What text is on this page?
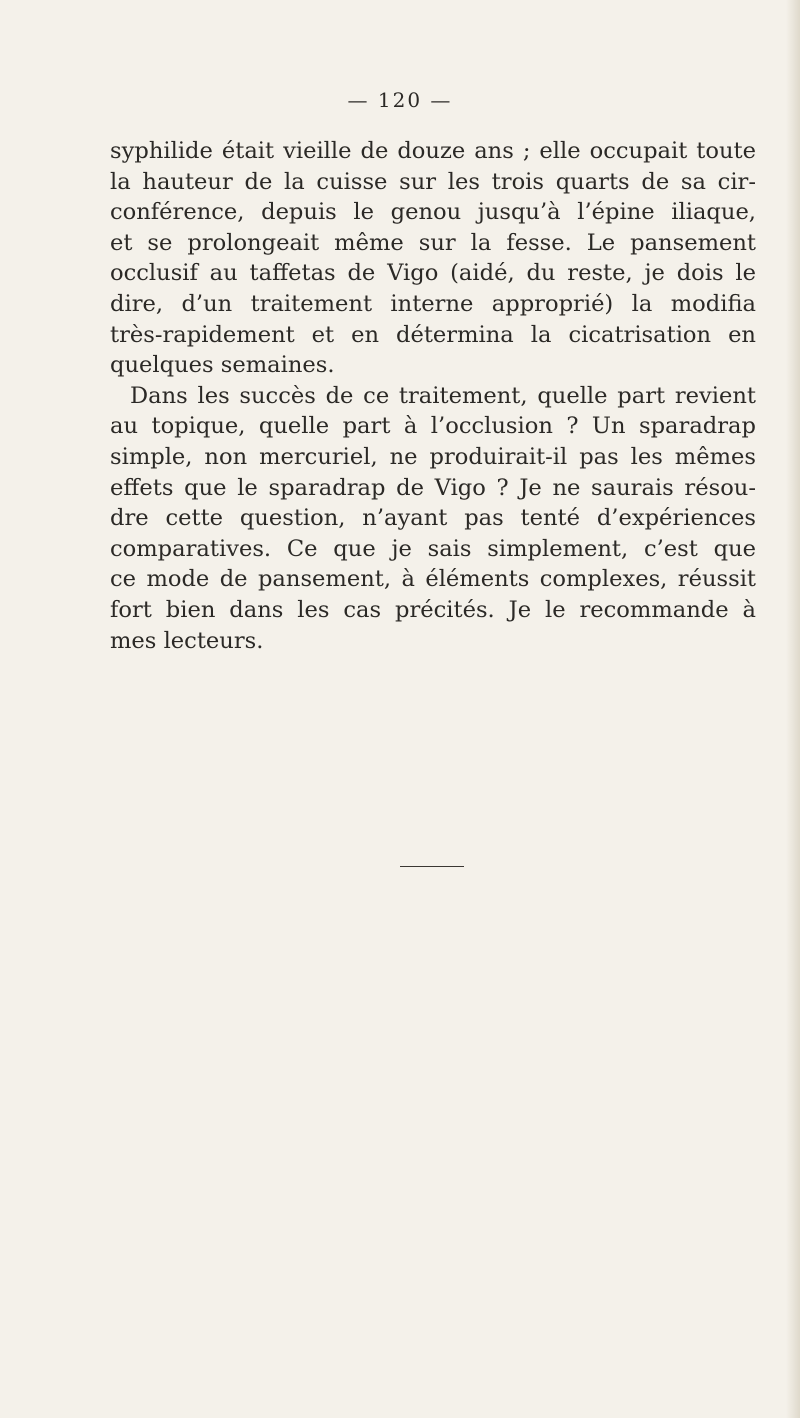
— 120 —
syphilide était vieille de douze ans ; elle occupait toute
la hauteur de la cuisse sur les trois quarts de sa cir-
conférence, depuis le genou jusqu’à l’épine iliaque,
et se prolongeait même sur la fesse. Le pansement
occlusif au taffetas de Vigo (aidé, du reste, je dois le
dire, d’un traitement interne approprié) la modifia
très-rapidement et en détermina la cicatrisation en
quelques semaines.
Dans les succès de ce traitement, quelle part revient
au topique, quelle part à l’occlusion ? Un sparadrap
simple, non mercuriel, ne produirait-il pas les mêmes
effets que le sparadrap de Vigo ? Je ne saurais résou-
dre cette question, n’ayant pas tenté d’expériences
comparatives. Ce que je sais simplement, c’est que
ce mode de pansement, à éléments complexes, réussit
fort bien dans les cas précités. Je le recommande à
mes lecteurs.
